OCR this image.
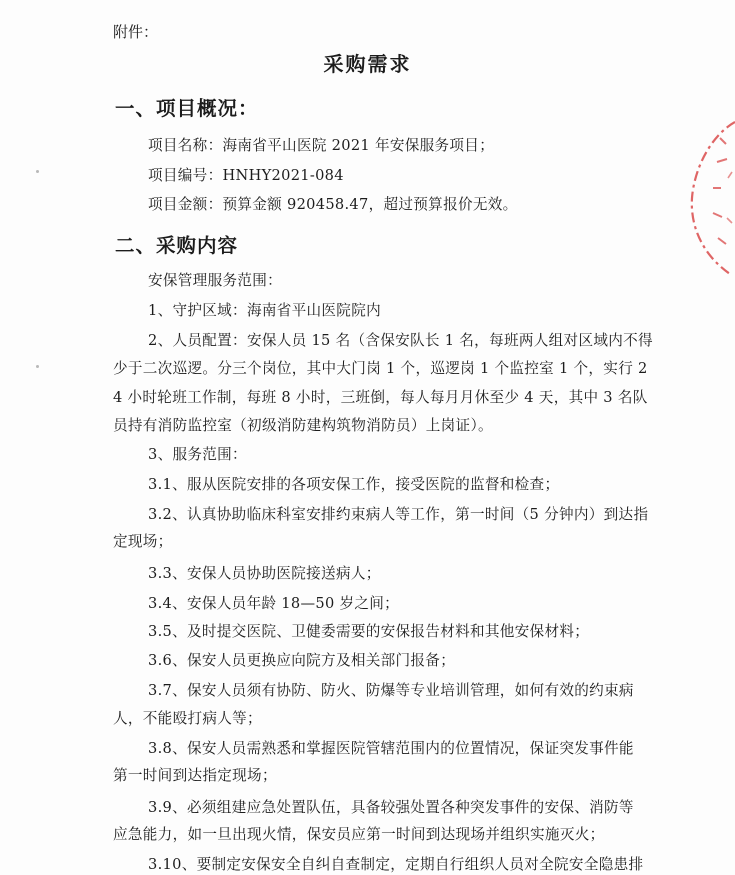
附件：
采购需求
一、项目概况：
项目名称：海南省平山医院 2021 年安保服务项目；
项目编号：HNHY2021-084
项目金额：预算金额 920458.47，超过预算报价无效。
二、采购内容
安保管理服务范围：
1、守护区域：海南省平山医院院内
2、人员配置：安保人员 15 名（含保安队长 1 名，每班两人组对区域内不得
少于二次巡逻。分三个岗位，其中大门岗 1 个，巡逻岗 1 个监控室 1 个，实行 2
4 小时轮班工作制，每班 8 小时，三班倒，每人每月月休至少 4 天，其中 3 名队
员持有消防监控室（初级消防建构筑物消防员）上岗证）。
3、服务范围：
3.1、服从医院安排的各项安保工作，接受医院的监督和检查；
3.2、认真协助临床科室安排约束病人等工作，第一时间（5 分钟内）到达指
定现场；
3.3、安保人员协助医院接送病人；
3.4、安保人员年龄 18—50 岁之间；
3.5、及时提交医院、卫健委需要的安保报告材料和其他安保材料；
3.6、保安人员更换应向院方及相关部门报备；
3.7、保安人员须有协防、防火、防爆等专业培训管理，如何有效的约束病
人，不能殴打病人等；
3.8、保安人员需熟悉和掌握医院管辖范围内的位置情况，保证突发事件能
第一时间到达指定现场；
3.9、必须组建应急处置队伍，具备较强处置各种突发事件的安保、消防等
应急能力，如一旦出现火情，保安员应第一时间到达现场并组织实施灭火；
3.10、要制定安保安全自纠自查制定，定期自行组织人员对全院安全隐患排
